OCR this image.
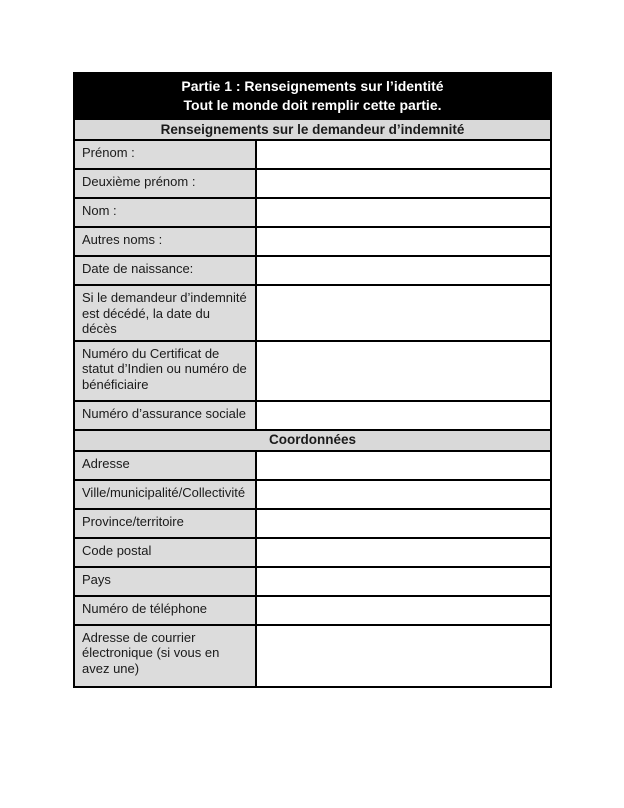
Partie 1 : Renseignements sur l’identité
Tout le monde doit remplir cette partie.	

Renseignements sur le demandeur d’indemnité	
Prénom :	
Deuxième prénom :	
Nom :	
Autres noms :	
Date de naissance:	
Si le demandeur d’indemnité est décédé, la date du décès	
Numéro du Certificat de statut d’Indien ou numéro de bénéficiaire	
Numéro d’assurance sociale	
Coordonnées	
Adresse	
Ville/municipalité/Collectivité	
Province/territoire	
Code postal	
Pays	
Numéro de téléphone	
Adresse de courrier électronique (si vous en avez une)	
